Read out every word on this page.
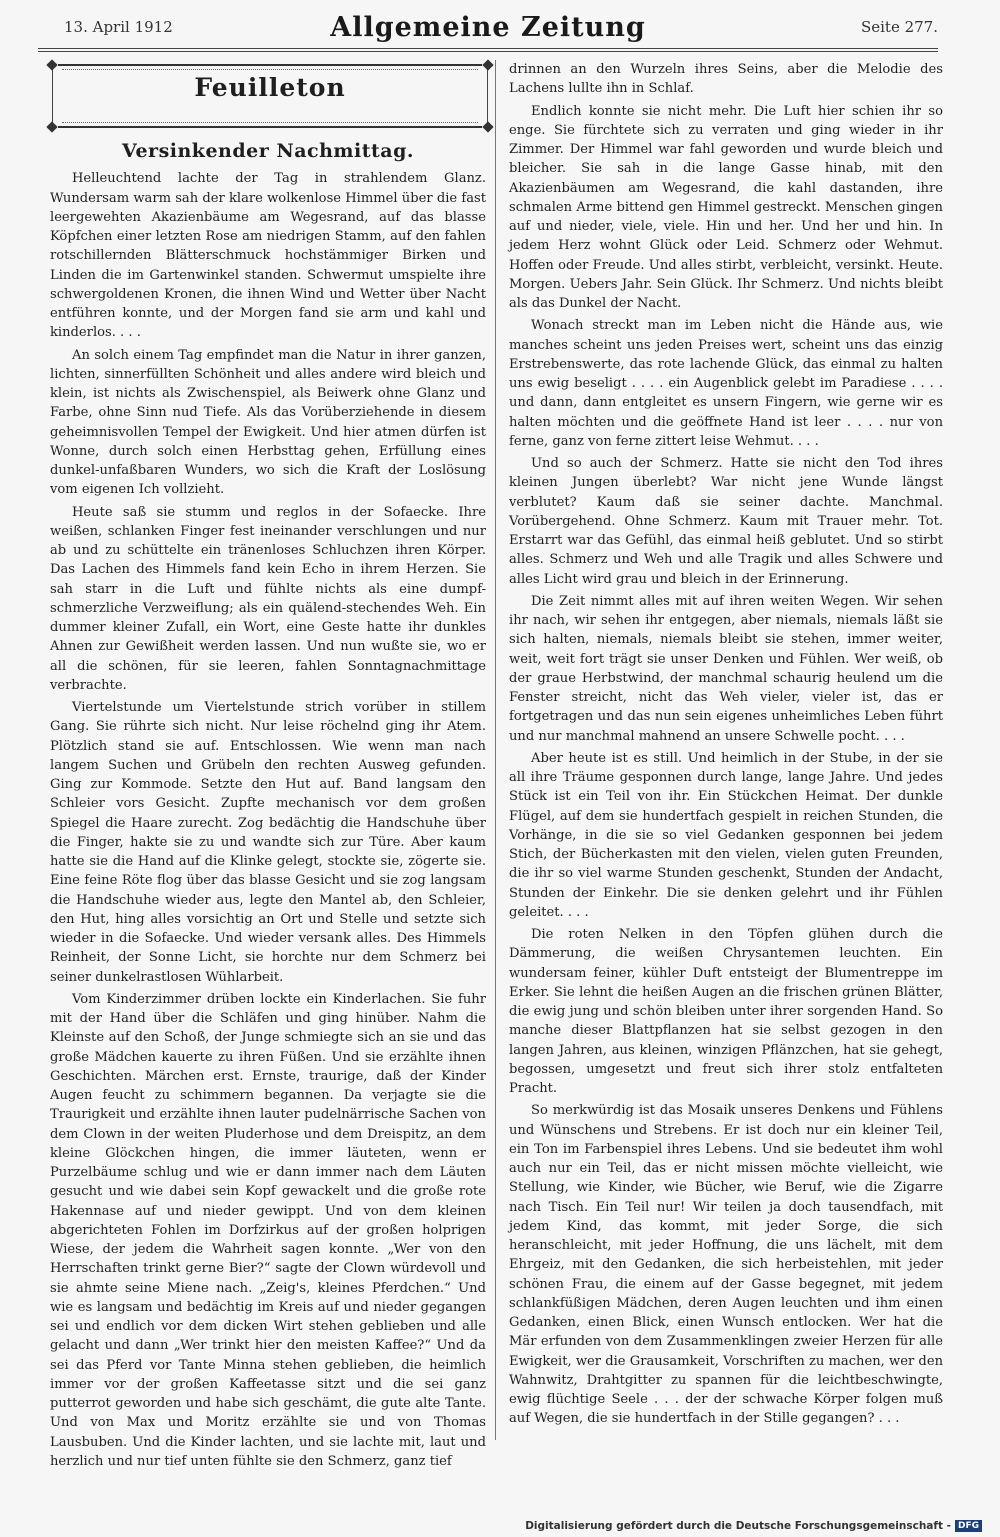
13. April 1912	Allgemeine Zeitung	Seite 277.
Feuilleton
Versinkender Nachmittag.

Helleuchtend lachte der Tag in strahlendem Glanz. Wundersam warm sah der klare wolkenlose Himmel über die fast leergewehten Akazienbäume am Wegesrand, auf das blasse Köpfchen einer letzten Rose am niedrigen Stamm, auf den fahlen rotschillernden Blätterschmuck hochstämmiger Birken und Linden die im Gartenwinkel standen. Schwermut umspielte ihre schwergoldenen Kronen, die ihnen Wind und Wetter über Nacht entführen konnte, und der Morgen fand sie arm und kahl und kinderlos. . . .

An solch einem Tag empfindet man die Natur in ihrer ganzen, lichten, sinnerfüllten Schönheit und alles andere wird bleich und klein, ist nichts als Zwischenspiel, als Beiwerk ohne Glanz und Farbe, ohne Sinn nud Tiefe. Als das Vorüberziehende in diesem geheimnisvollen Tempel der Ewigkeit. Und hier atmen dürfen ist Wonne, durch solch einen Herbsttag gehen, Erfüllung eines dunkel-unfaßbaren Wunders, wo sich die Kraft der Loslösung vom eigenen Ich vollzieht.

Heute saß sie stumm und reglos in der Sofaecke. Ihre weißen, schlanken Finger fest ineinander verschlungen und nur ab und zu schüttelte ein tränenloses Schluchzen ihren Körper. Das Lachen des Himmels fand kein Echo in ihrem Herzen. Sie sah starr in die Luft und fühlte nichts als eine dumpf-schmerzliche Verzweiflung; als ein quälend-stechendes Weh. Ein dummer kleiner Zufall, ein Wort, eine Geste hatte ihr dunkles Ahnen zur Gewißheit werden lassen. Und nun wußte sie, wo er all die schönen, für sie leeren, fahlen Sonntagnachmittage verbrachte.

Viertelstunde um Viertelstunde strich vorüber in stillem Gang. Sie rührte sich nicht. Nur leise röchelnd ging ihr Atem. Plötzlich stand sie auf. Entschlossen. Wie wenn man nach langem Suchen und Grübeln den rechten Ausweg gefunden. Ging zur Kommode. Setzte den Hut auf. Band langsam den Schleier vors Gesicht. Zupfte mechanisch vor dem großen Spiegel die Haare zurecht. Zog bedächtig die Handschuhe über die Finger, hakte sie zu und wandte sich zur Türe. Aber kaum hatte sie die Hand auf die Klinke gelegt, stockte sie, zögerte sie. Eine feine Röte flog über das blasse Gesicht und sie zog langsam die Handschuhe wieder aus, legte den Mantel ab, den Schleier, den Hut, hing alles vorsichtig an Ort und Stelle und setzte sich wieder in die Sofaecke. Und wieder versank alles. Des Himmels Reinheit, der Sonne Licht, sie horchte nur dem Schmerz bei seiner dunkelrastlosen Wühlarbeit.

Vom Kinderzimmer drüben lockte ein Kinderlachen. Sie fuhr mit der Hand über die Schläfen und ging hinüber. Nahm die Kleinste auf den Schoß, der Junge schmiegte sich an sie und das große Mädchen kauerte zu ihren Füßen. Und sie erzählte ihnen Geschichten. Märchen erst. Ernste, traurige, daß der Kinder Augen feucht zu schimmern begannen. Da verjagte sie die Traurigkeit und erzählte ihnen lauter pudelnärrische Sachen von dem Clown in der weiten Pluderhose und dem Dreispitz, an dem kleine Glöckchen hingen, die immer läuteten, wenn er Purzelbäume schlug und wie er dann immer nach dem Läuten gesucht und wie dabei sein Kopf gewackelt und die große rote Hakennase auf und nieder gewippt. Und von dem kleinen abgerichteten Fohlen im Dorfzirkus auf der großen holprigen Wiese, der jedem die Wahrheit sagen konnte. „Wer von den Herrschaften trinkt gerne Bier?“ sagte der Clown würdevoll und sie ahmte seine Miene nach. „Zeig's, kleines Pferdchen.“ Und wie es langsam und bedächtig im Kreis auf und nieder gegangen sei und endlich vor dem dicken Wirt stehen geblieben und alle gelacht und dann „Wer trinkt hier den meisten Kaffee?“ Und da sei das Pferd vor Tante Minna stehen geblieben, die heimlich immer vor der großen Kaffeetasse sitzt und die sei ganz putterrot geworden und habe sich geschämt, die gute alte Tante. Und von Max und Moritz erzählte sie und von Thomas Lausbuben. Und die Kinder lachten, und sie lachte mit, laut und herzlich und nur tief unten fühlte sie den Schmerz, ganz tief

drinnen an den Wurzeln ihres Seins, aber die Melodie des Lachens lullte ihn in Schlaf.

Endlich konnte sie nicht mehr. Die Luft hier schien ihr so enge. Sie fürchtete sich zu verraten und ging wieder in ihr Zimmer. Der Himmel war fahl geworden und wurde bleich und bleicher. Sie sah in die lange Gasse hinab, mit den Akazienbäumen am Wegesrand, die kahl dastanden, ihre schmalen Arme bittend gen Himmel gestreckt. Menschen gingen auf und nieder, viele, viele. Hin und her. Und her und hin. In jedem Herz wohnt Glück oder Leid. Schmerz oder Wehmut. Hoffen oder Freude. Und alles stirbt, verbleicht, versinkt. Heute. Morgen. Uebers Jahr. Sein Glück. Ihr Schmerz. Und nichts bleibt als das Dunkel der Nacht.

Wonach streckt man im Leben nicht die Hände aus, wie manches scheint uns jeden Preises wert, scheint uns das einzig Erstrebenswerte, das rote lachende Glück, das einmal zu halten uns ewig beseligt . . . . ein Augenblick gelebt im Paradiese . . . . und dann, dann entgleitet es unsern Fingern, wie gerne wir es halten möchten und die geöffnete Hand ist leer . . . . nur von ferne, ganz von ferne zittert leise Wehmut. . . .

Und so auch der Schmerz. Hatte sie nicht den Tod ihres kleinen Jungen überlebt? War nicht jene Wunde längst verblutet? Kaum daß sie seiner dachte. Manchmal. Vorübergehend. Ohne Schmerz. Kaum mit Trauer mehr. Tot. Erstarrt war das Gefühl, das einmal heiß geblutet. Und so stirbt alles. Schmerz und Weh und alle Tragik und alles Schwere und alles Licht wird grau und bleich in der Erinnerung.

Die Zeit nimmt alles mit auf ihren weiten Wegen. Wir sehen ihr nach, wir sehen ihr entgegen, aber niemals, niemals läßt sie sich halten, niemals, niemals bleibt sie stehen, immer weiter, weit, weit fort trägt sie unser Denken und Fühlen. Wer weiß, ob der graue Herbstwind, der manchmal schaurig heulend um die Fenster streicht, nicht das Weh vieler, vieler ist, das er fortgetragen und das nun sein eigenes unheimliches Leben führt und nur manchmal mahnend an unsere Schwelle pocht. . . .

Aber heute ist es still. Und heimlich in der Stube, in der sie all ihre Träume gesponnen durch lange, lange Jahre. Und jedes Stück ist ein Teil von ihr. Ein Stückchen Heimat. Der dunkle Flügel, auf dem sie hundertfach gespielt in reichen Stunden, die Vorhänge, in die sie so viel Gedanken gesponnen bei jedem Stich, der Bücherkasten mit den vielen, vielen guten Freunden, die ihr so viel warme Stunden geschenkt, Stunden der Andacht, Stunden der Einkehr. Die sie denken gelehrt und ihr Fühlen geleitet. . . .

Die roten Nelken in den Töpfen glühen durch die Dämmerung, die weißen Chrysantemen leuchten. Ein wundersam feiner, kühler Duft entsteigt der Blumentreppe im Erker. Sie lehnt die heißen Augen an die frischen grünen Blätter, die ewig jung und schön bleiben unter ihrer sorgenden Hand. So manche dieser Blattpflanzen hat sie selbst gezogen in den langen Jahren, aus kleinen, winzigen Pflänzchen, hat sie gehegt, begossen, umgesetzt und freut sich ihrer stolz entfalteten Pracht.

So merkwürdig ist das Mosaik unseres Denkens und Fühlens und Wünschens und Strebens. Er ist doch nur ein kleiner Teil, ein Ton im Farbenspiel ihres Lebens. Und sie bedeutet ihm wohl auch nur ein Teil, das er nicht missen möchte vielleicht, wie Stellung, wie Kinder, wie Bücher, wie Beruf, wie die Zigarre nach Tisch. Ein Teil nur! Wir teilen ja doch tausendfach, mit jedem Kind, das kommt, mit jeder Sorge, die sich heranschleicht, mit jeder Hoffnung, die uns lächelt, mit dem Ehrgeiz, mit den Gedanken, die sich herbeistehlen, mit jeder schönen Frau, die einem auf der Gasse begegnet, mit jedem schlankfüßigen Mädchen, deren Augen leuchten und ihm einen Gedanken, einen Blick, einen Wunsch entlocken. Wer hat die Mär erfunden von dem Zusammenklingen zweier Herzen für alle Ewigkeit, wer die Grausamkeit, Vorschriften zu machen, wer den Wahnwitz, Drahtgitter zu spannen für die leichtbeschwingte, ewig flüchtige Seele . . . der der schwache Körper folgen muß auf Wegen, die sie hundertfach in der Stille gegangen? . . .

Digitalisierung gefördert durch die Deutsche Forschungsgemeinschaft - DFG
